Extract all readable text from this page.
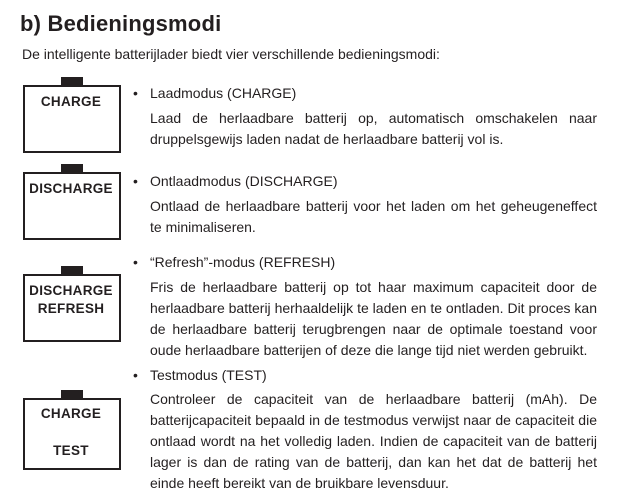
b) Bedieningsmodi

De intelligente batterijlader biedt vier verschillende bedieningsmodi:

CHARGE
• Laadmodus (CHARGE)

Laad de herlaadbare batterij op, automatisch omschakelen naar druppelsgewijs laden nadat de herlaadbare batterij vol is.

DISCHARGE	• Ontlaadmodus (DISCHARGE)

Ontlaad de herlaadbare batterij voor het laden om het geheugeneffect te minimaliseren.

DISCHARGE
REFRESH
• “Refresh”-modus (REFRESH)

Fris de herlaadbare batterij op tot haar maximum capaciteit door de herlaadbare batterij herhaaldelijk te laden en te ontladen. Dit proces kan de herlaadbare batterij terugbrengen naar de optimale toestand voor oude herlaadbare batterijen of deze die lange tijd niet werden gebruikt.

CHARGE
TEST
• Testmodus (TEST)

Controleer de capaciteit van de herlaadbare batterij (mAh). De batterijcapaciteit bepaald in de testmodus verwijst naar de capaciteit die ontlaad wordt na het volledig laden. Indien de capaciteit van de batterij lager is dan de rating van de batterij, dan kan het dat de batterij het einde heeft bereikt van de bruikbare levensduur.
